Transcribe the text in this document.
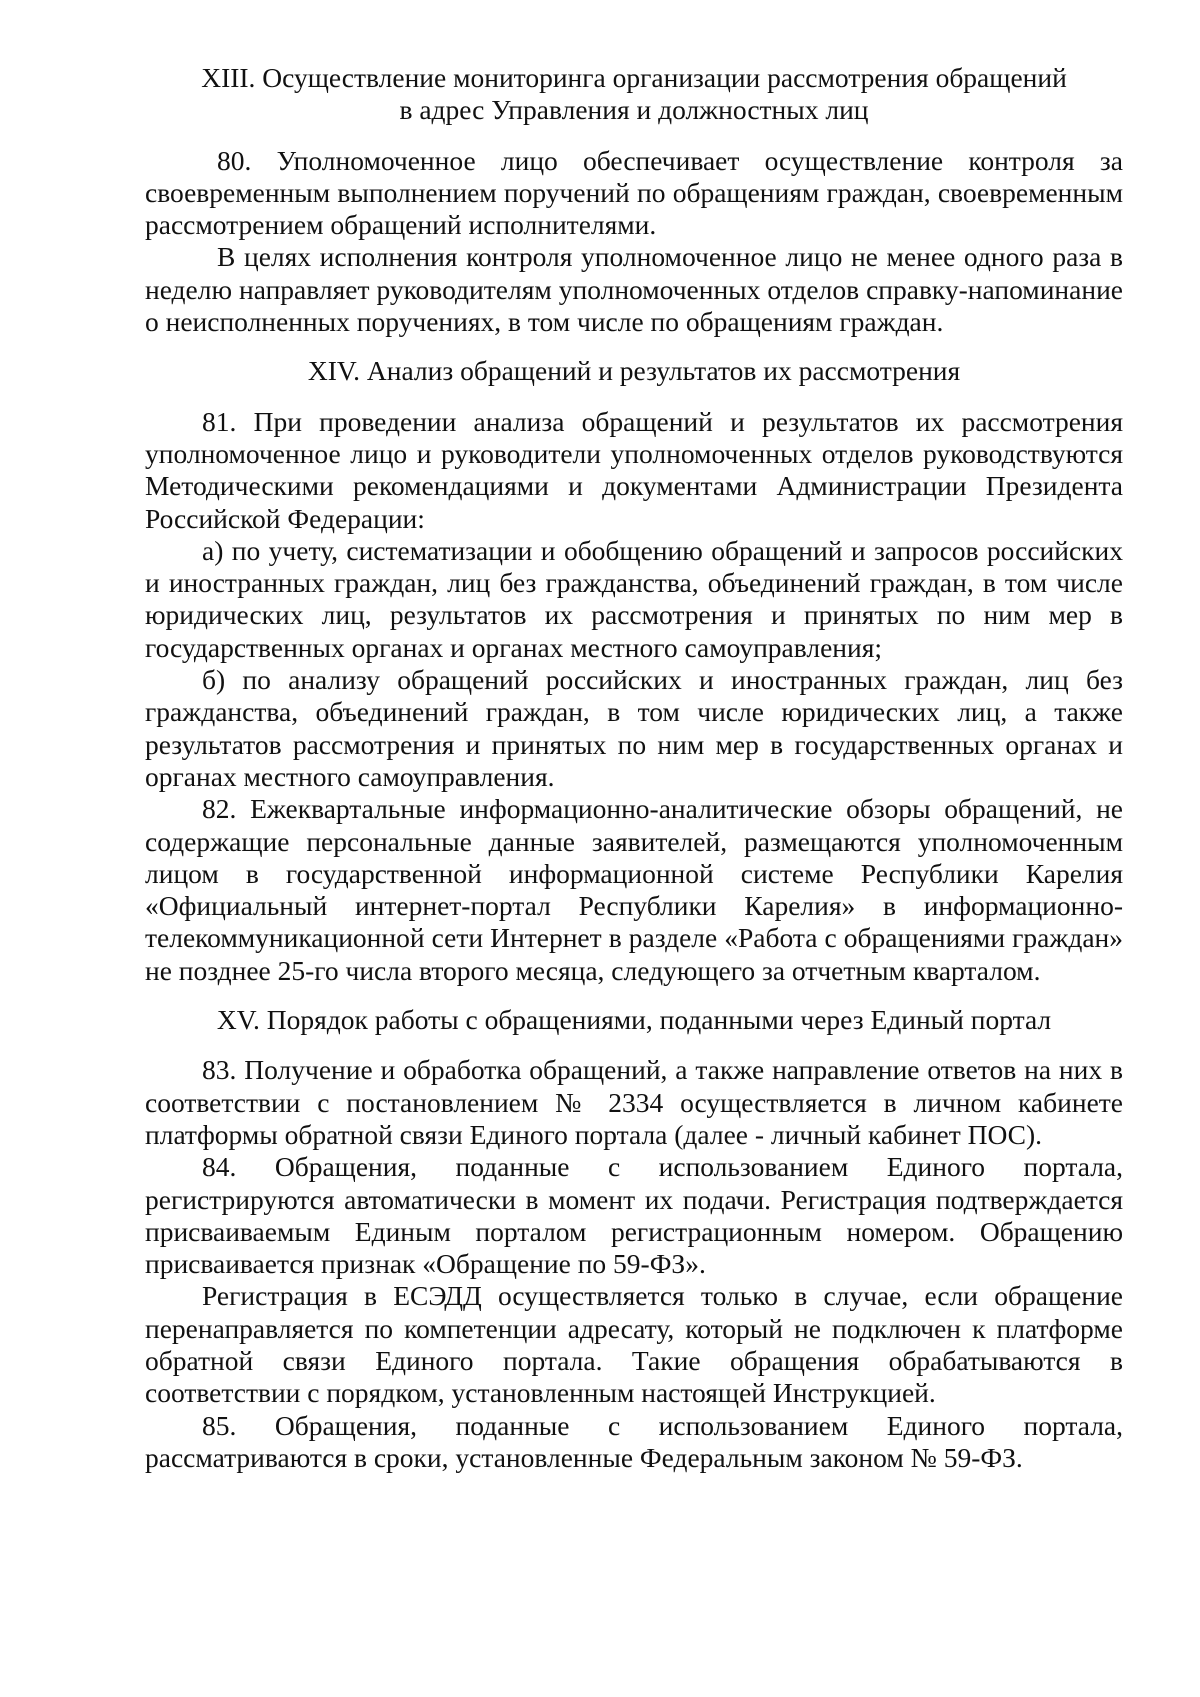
XIII. Осуществление мониторинга организации рассмотрения обращений
в адрес Управления и должностных лиц

80. Уполномоченное лицо обеспечивает осуществление контроля за своевременным выполнением поручений по обращениям граждан, своевременным рассмотрением обращений исполнителями.

В целях исполнения контроля уполномоченное лицо не менее одного раза в неделю направляет руководителям уполномоченных отделов справку-напоминание о неисполненных поручениях, в том числе по обращениям граждан.

XIV. Анализ обращений и результатов их рассмотрения

81. При проведении анализа обращений и результатов их рассмотрения уполномоченное лицо и руководители уполномоченных отделов руководствуются Методическими рекомендациями и документами Администрации Президента Российской Федерации:

а) по учету, систематизации и обобщению обращений и запросов российских и иностранных граждан, лиц без гражданства, объединений граждан, в том числе юридических лиц, результатов их рассмотрения и принятых по ним мер в государственных органах и органах местного самоуправления;

б) по анализу обращений российских и иностранных граждан, лиц без гражданства, объединений граждан, в том числе юридических лиц, а также результатов рассмотрения и принятых по ним мер в государственных органах и органах местного самоуправления.

82. Ежеквартальные информационно-аналитические обзоры обращений, не содержащие персональные данные заявителей, размещаются уполномоченным лицом в государственной информационной системе Республики Карелия «Официальный интернет-портал Республики Карелия» в информационно-телекоммуникационной сети Интернет в разделе «Работа с обращениями граждан» не позднее 25-го числа второго месяца, следующего за отчетным кварталом.

XV. Порядок работы с обращениями, поданными через Единый портал

83. Получение и обработка обращений, а также направление ответов на них в соответствии с постановлением № 2334 осуществляется в личном кабинете платформы обратной связи Единого портала (далее - личный кабинет ПОС).

84. Обращения, поданные с использованием Единого портала, регистрируются автоматически в момент их подачи. Регистрация подтверждается присваиваемым Единым порталом регистрационным номером. Обращению присваивается признак «Обращение по 59-ФЗ».

Регистрация в ЕСЭДД осуществляется только в случае, если обращение перенаправляется по компетенции адресату, который не подключен к платформе обратной связи Единого портала. Такие обращения обрабатываются в соответствии с порядком, установленным настоящей Инструкцией.

85. Обращения, поданные с использованием Единого портала, рассматриваются в сроки, установленные Федеральным законом № 59-ФЗ.
